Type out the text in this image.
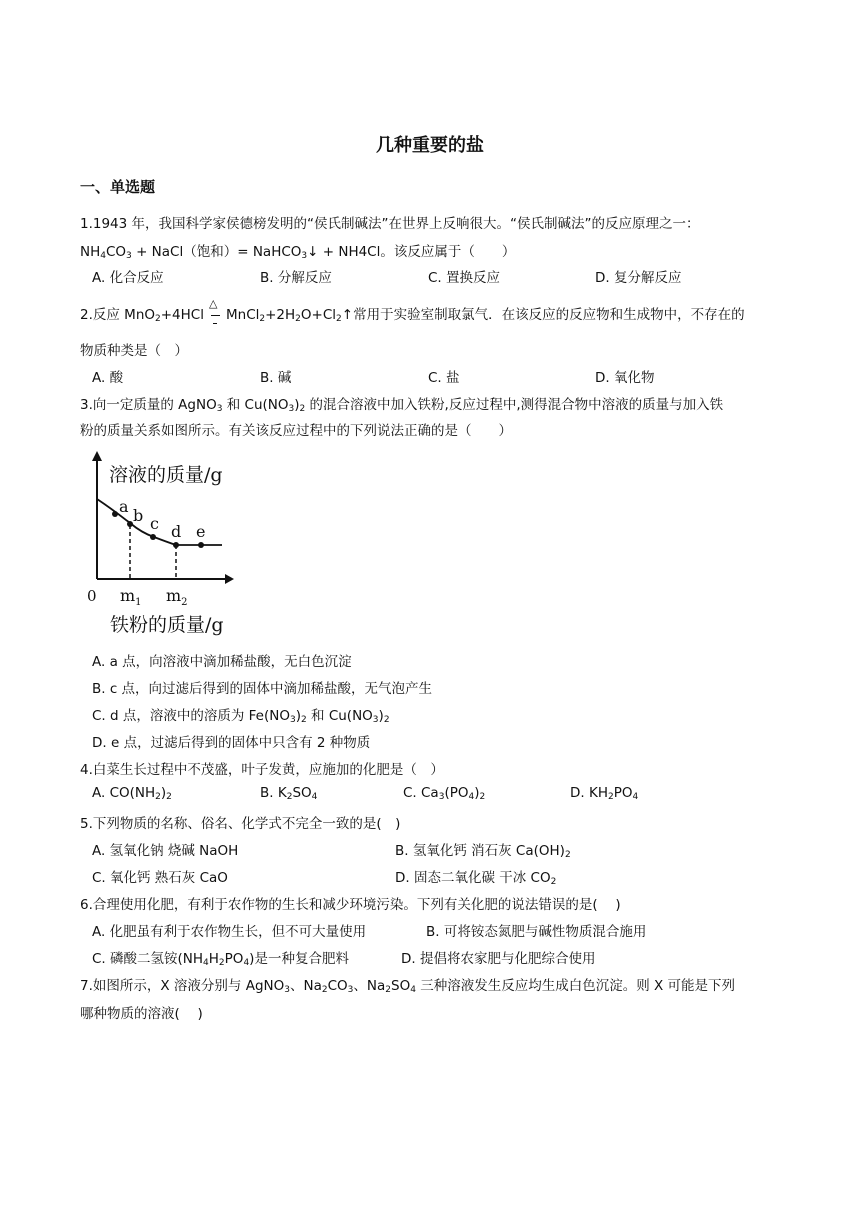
几种重要的盐
一、单选题
1.1943 年，我国科学家侯德榜发明的“侯氏制碱法”在世界上反响很大。“侯氏制碱法”的反应原理之一：
$NH_4CO_3$ + NaCl（饱和）= NaHCO$_3$↓ + NH4Cl。该反应属于（　　）
A. 化合反应	B. 分解反应	C. 置换反应	D. 复分解反应
2.反应 MnO$_2$+4HCl
△
$MnCl_2+2H_2O+Cl_2↑$常用于实验室制取氯气．在该反应的反应物和生成物中，不存在的
物质种类是（　）
A. 酸	B. 碱	C. 盐	D. 氧化物
3.向一定质量的 AgNO$_3$ 和 $Cu(NO_3)_2$ 的混合溶液中加入铁粉,反应过程中,测得混合物中溶液的质量与加入铁
粉的质量关系如图所示。有关该反应过程中的下列说法正确的是（　　）
溶液的质量/g
a b c d e
0 $m_1$ $m_2$
铁粉的质量/g
A. a 点，向溶液中滴加稀盐酸，无白色沉淀
B. c 点，向过滤后得到的固体中滴加稀盐酸，无气泡产生
C. d 点，溶液中的溶质为 $Fe(NO_3)_2$ 和 $Cu(NO_3)_2$
D. e 点，过滤后得到的固体中只含有 2 种物质
4.白菜生长过程中不茂盛，叶子发黄，应施加的化肥是（　）
A. $CO(NH_2)_2$	B. $K_2SO_4$	C. $Ca_3(PO_4)_2$	D. $KH_2PO_4$
5.下列物质的名称、俗名、化学式不完全一致的是(　)
A. 氢氧化钠 烧碱 NaOH	B. 氢氧化钙 消石灰 $Ca(OH)_2$
C. 氧化钙 熟石灰 CaO	D. 固态二氧化碳 干冰 $CO_2$
6.合理使用化肥，有利于农作物的生长和减少环境污染。下列有关化肥的说法错误的是(　 )
A. 化肥虽有利于农作物生长，但不可大量使用	B. 可将铵态氮肥与碱性物质混合施用
C. 磷酸二氢铵$(NH_4H_2PO_4)$是一种复合肥料	D. 提倡将农家肥与化肥综合使用
7.如图所示，X 溶液分别与 AgNO$_3$、$Na_2CO_3$、$Na_2SO_4$ 三种溶液发生反应均生成白色沉淀。则 X 可能是下列
哪种物质的溶液(　 )
